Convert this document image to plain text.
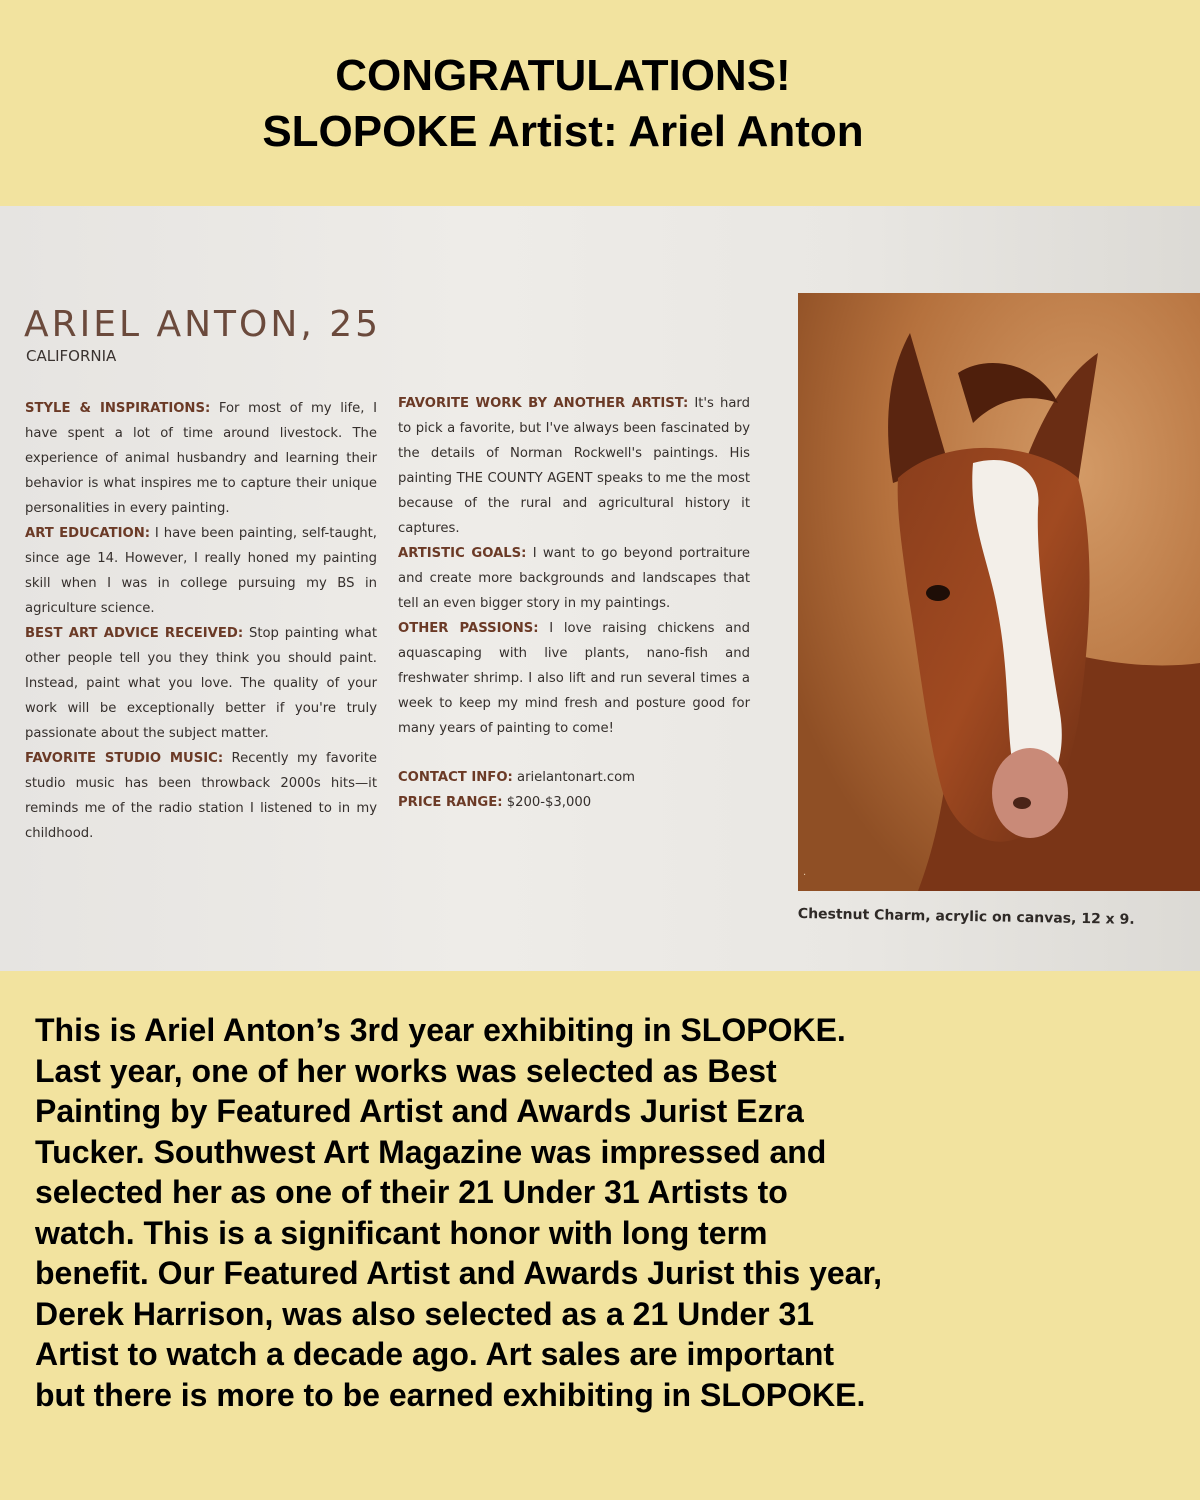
CONGRATULATIONS!
SLOPOKE Artist: Ariel Anton
ARIEL ANTON, 25
CALIFORNIA

STYLE & INSPIRATIONS: For most of my life, I have spent a lot of time around livestock. The experience of animal husbandry and learning their behavior is what inspires me to capture their unique personalities in every painting.

ART EDUCATION: I have been painting, self-taught, since age 14. However, I really honed my painting skill when I was in college pursuing my BS in agriculture science.

BEST ART ADVICE RECEIVED: Stop painting what other people tell you they think you should paint. Instead, paint what you love. The quality of your work will be exceptionally better if you're truly passionate about the subject matter.

FAVORITE STUDIO MUSIC: Recently my favorite studio music has been throwback 2000s hits—it reminds me of the radio station I listened to in my childhood.

FAVORITE WORK BY ANOTHER ARTIST: It's hard to pick a favorite, but I've always been fascinated by the details of Norman Rockwell's paintings. His painting THE COUNTY AGENT speaks to me the most because of the rural and agricultural history it captures.

ARTISTIC GOALS: I want to go beyond portraiture and create more backgrounds and landscapes that tell an even bigger story in my paintings.

OTHER PASSIONS: I love raising chickens and aquascaping with live plants, nano-fish and freshwater shrimp. I also lift and run several times a week to keep my mind fresh and posture good for many years of painting to come!

CONTACT INFO: arielantonart.com
PRICE RANGE: $200-$3,000
·
Chestnut Charm, acrylic on canvas, 12 x 9.
This is Ariel Anton’s 3rd year exhibiting in SLOPOKE.
Last year, one of her works was selected as Best
Painting by Featured Artist and Awards Jurist Ezra
Tucker. Southwest Art Magazine was impressed and
selected her as one of their 21 Under 31 Artists to
watch. This is a significant honor with long term
benefit. Our Featured Artist and Awards Jurist this year,
Derek Harrison, was also selected as a 21 Under 31
Artist to watch a decade ago. Art sales are important
but there is more to be earned exhibiting in SLOPOKE.
